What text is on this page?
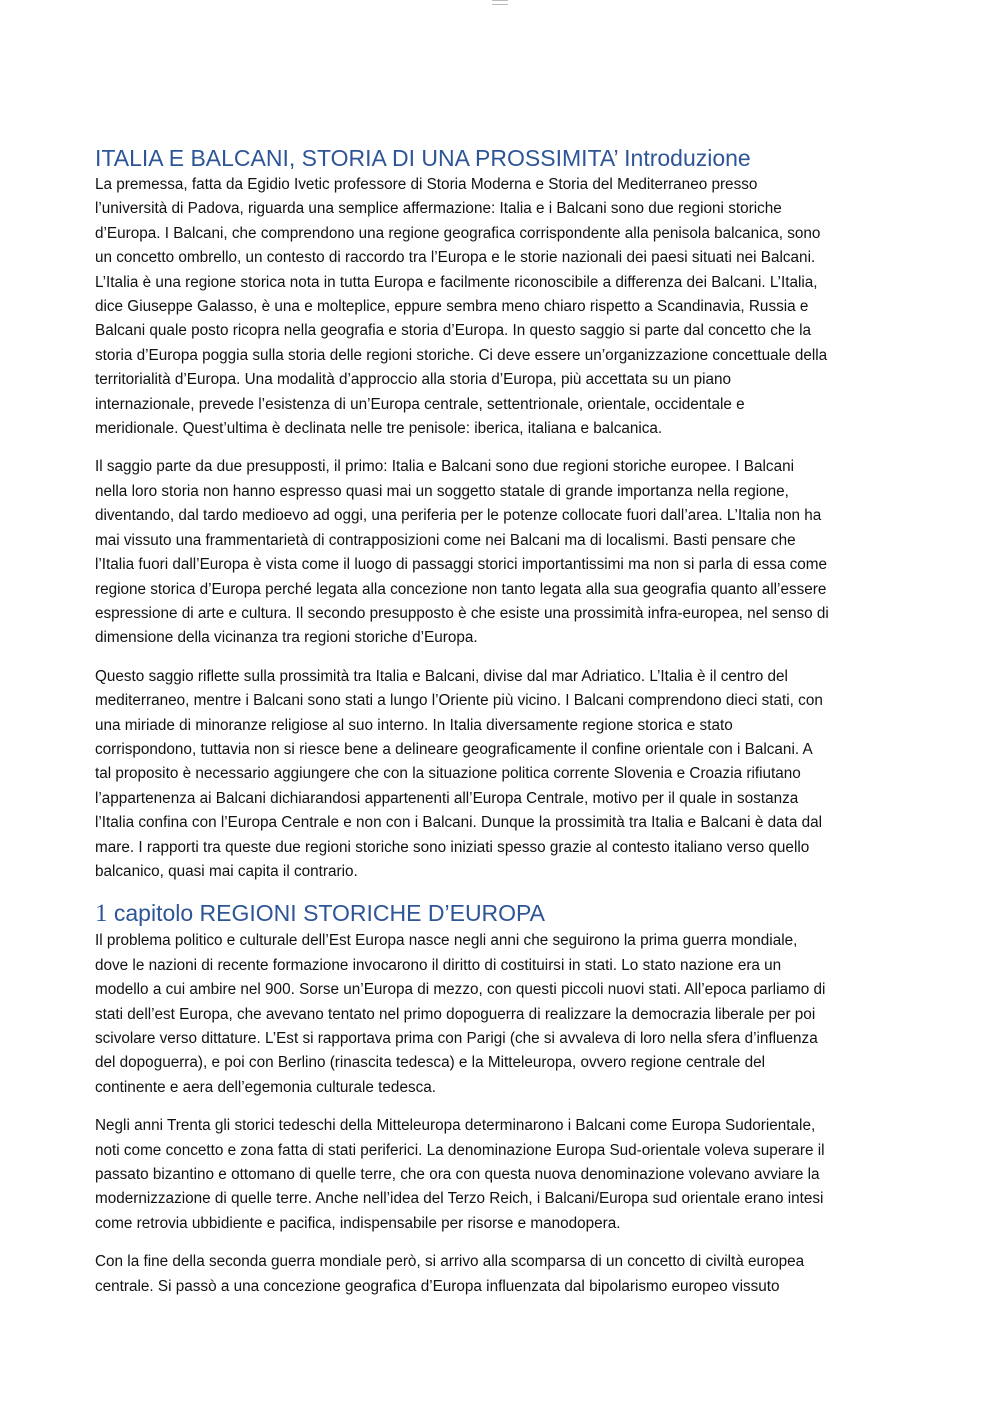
ITALIA E BALCANI, STORIA DI UNA PROSSIMITA’ Introduzione

La premessa, fatta da Egidio Ivetic professore di Storia Moderna e Storia del Mediterraneo presso
l’università di Padova, riguarda una semplice affermazione: Italia e i Balcani sono due regioni storiche
d’Europa. I Balcani, che comprendono una regione geografica corrispondente alla penisola balcanica, sono
un concetto ombrello, un contesto di raccordo tra l’Europa e le storie nazionali dei paesi situati nei Balcani.
L’Italia è una regione storica nota in tutta Europa e facilmente riconoscibile a differenza dei Balcani. L’Italia,
dice Giuseppe Galasso, è una e molteplice, eppure sembra meno chiaro rispetto a Scandinavia, Russia e
Balcani quale posto ricopra nella geografia e storia d’Europa. In questo saggio si parte dal concetto che la
storia d’Europa poggia sulla storia delle regioni storiche. Ci deve essere un’organizzazione concettuale della
territorialità d’Europa. Una modalità d’approccio alla storia d’Europa, più accettata su un piano
internazionale, prevede l’esistenza di un’Europa centrale, settentrionale, orientale, occidentale e
meridionale. Quest’ultima è declinata nelle tre penisole: iberica, italiana e balcanica.

Il saggio parte da due presupposti, il primo: Italia e Balcani sono due regioni storiche europee. I Balcani
nella loro storia non hanno espresso quasi mai un soggetto statale di grande importanza nella regione,
diventando, dal tardo medioevo ad oggi, una periferia per le potenze collocate fuori dall’area. L’Italia non ha
mai vissuto una frammentarietà di contrapposizioni come nei Balcani ma di localismi. Basti pensare che
l’Italia fuori dall’Europa è vista come il luogo di passaggi storici importantissimi ma non si parla di essa come
regione storica d’Europa perché legata alla concezione non tanto legata alla sua geografia quanto all’essere
espressione di arte e cultura. Il secondo presupposto è che esiste una prossimità infra-europea, nel senso di
dimensione della vicinanza tra regioni storiche d’Europa.

Questo saggio riflette sulla prossimità tra Italia e Balcani, divise dal mar Adriatico. L’Italia è il centro del
mediterraneo, mentre i Balcani sono stati a lungo l’Oriente più vicino. I Balcani comprendono dieci stati, con
una miriade di minoranze religiose al suo interno. In Italia diversamente regione storica e stato
corrispondono, tuttavia non si riesce bene a delineare geograficamente il confine orientale con i Balcani. A
tal proposito è necessario aggiungere che con la situazione politica corrente Slovenia e Croazia rifiutano
l’appartenenza ai Balcani dichiarandosi appartenenti all’Europa Centrale, motivo per il quale in sostanza
l’Italia confina con l’Europa Centrale e non con i Balcani. Dunque la prossimità tra Italia e Balcani è data dal
mare. I rapporti tra queste due regioni storiche sono iniziati spesso grazie al contesto italiano verso quello
balcanico, quasi mai capita il contrario.

1 capitolo REGIONI STORICHE D’EUROPA

Il problema politico e culturale dell’Est Europa nasce negli anni che seguirono la prima guerra mondiale,
dove le nazioni di recente formazione invocarono il diritto di costituirsi in stati. Lo stato nazione era un
modello a cui ambire nel 900. Sorse un’Europa di mezzo, con questi piccoli nuovi stati. All’epoca parliamo di
stati dell’est Europa, che avevano tentato nel primo dopoguerra di realizzare la democrazia liberale per poi
scivolare verso dittature. L’Est si rapportava prima con Parigi (che si avvaleva di loro nella sfera d’influenza
del dopoguerra), e poi con Berlino (rinascita tedesca) e la Mitteleuropa, ovvero regione centrale del
continente e aera dell’egemonia culturale tedesca.

Negli anni Trenta gli storici tedeschi della Mitteleuropa determinarono i Balcani come Europa Sudorientale,
noti come concetto e zona fatta di stati periferici. La denominazione Europa Sud-orientale voleva superare il
passato bizantino e ottomano di quelle terre, che ora con questa nuova denominazione volevano avviare la
modernizzazione di quelle terre. Anche nell’idea del Terzo Reich, i Balcani/Europa sud orientale erano intesi
come retrovia ubbidiente e pacifica, indispensabile per risorse e manodopera.

Con la fine della seconda guerra mondiale però, si arrivo alla scomparsa di un concetto di civiltà europea
centrale. Si passò a una concezione geografica d’Europa influenzata dal bipolarismo europeo vissuto
